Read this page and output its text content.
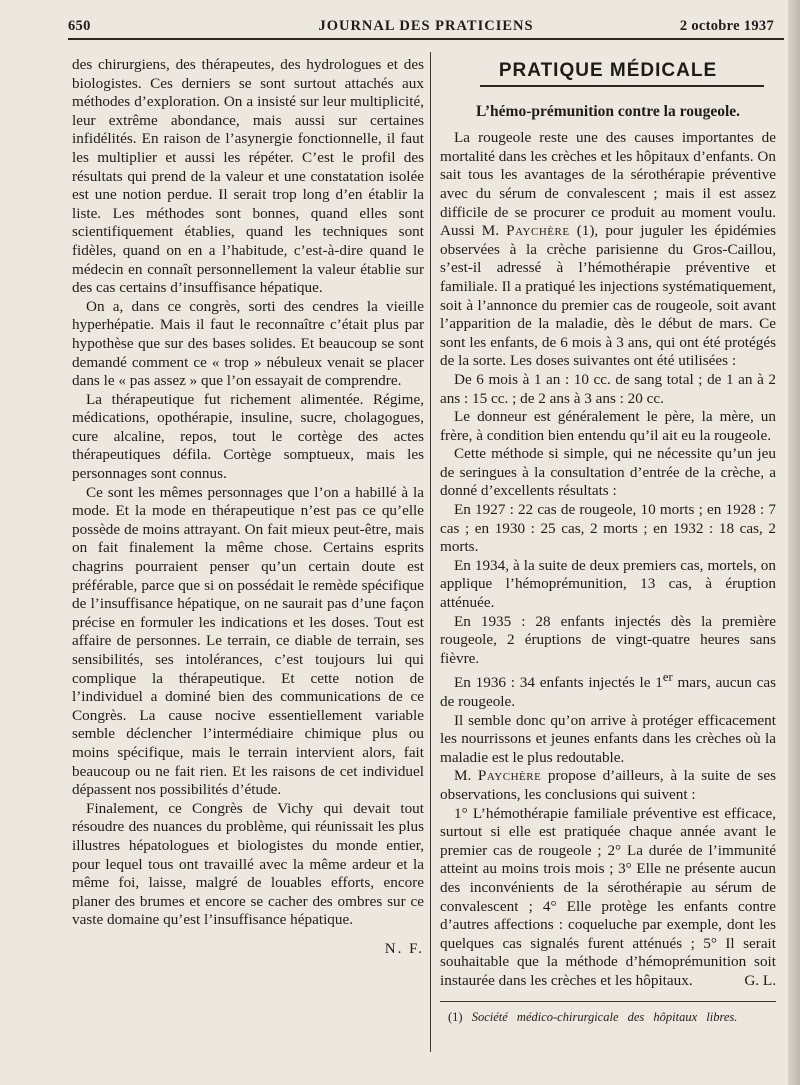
650	JOURNAL DES PRATICIENS	2 octobre 1937

des chirurgiens, des thérapeutes, des hydrologues et des biologistes. Ces derniers se sont surtout attachés aux méthodes d’exploration. On a insisté sur leur multiplicité, leur extrême abondance, mais aussi sur certaines infidélités. En raison de l’asynergie fonctionnelle, il faut les multiplier et aussi les répéter. C’est le profil des résultats qui prend de la valeur et une constatation isolée est une notion perdue. Il serait trop long d’en établir la liste. Les méthodes sont bonnes, quand elles sont scientifiquement établies, quand les techniques sont fidèles, quand on en a l’habitude, c’est-à-dire quand le médecin en connaît personnellement la valeur établie sur des cas certains d’insuffisance hépatique.

On a, dans ce congrès, sorti des cendres la vieille hyperhépatie. Mais il faut le reconnaître c’était plus par hypothèse que sur des bases solides. Et beaucoup se sont demandé comment ce « trop » nébuleux venait se placer dans le « pas assez » que l’on essayait de comprendre.

La thérapeutique fut richement alimentée. Régime, médications, opothérapie, insuline, sucre, cholagogues, cure alcaline, repos, tout le cortège des actes thérapeutiques défila. Cortège somptueux, mais les personnages sont connus.

Ce sont les mêmes personnages que l’on a habillé à la mode. Et la mode en thérapeutique n’est pas ce qu’elle possède de moins attrayant. On fait mieux peut-être, mais on fait finalement la même chose. Certains esprits chagrins pourraient penser qu’un certain doute est préférable, parce que si on possédait le remède spécifique de l’insuffisance hépatique, on ne saurait pas d’une façon précise en formuler les indications et les doses. Tout est affaire de personnes. Le terrain, ce diable de terrain, ses sensibilités, ses intolérances, c’est toujours lui qui complique la thérapeutique. Et cette notion de l’individuel a dominé bien des communications de ce Congrès. La cause nocive essentiellement variable semble déclencher l’intermédiaire chimique plus ou moins spécifique, mais le terrain intervient alors, fait beaucoup ou ne fait rien. Et les raisons de cet individuel dépassent nos possibilités d’étude.

Finalement, ce Congrès de Vichy qui devait tout résoudre des nuances du problème, qui réunissait les plus illustres hépatologues et biologistes du monde entier, pour lequel tous ont travaillé avec la même ardeur et la même foi, laisse, malgré de louables efforts, encore planer des brumes et encore se cacher des ombres sur ce vaste domaine qu’est l’insuffisance hépatique.

N. F.

PRATIQUE MÉDICALE
L’hémo-prémunition contre la rougeole.

La rougeole reste une des causes importantes de mortalité dans les crèches et les hôpitaux d’enfants. On sait tous les avantages de la sérothérapie préventive avec du sérum de convalescent ; mais il est assez difficile de se procurer ce produit au moment voulu. Aussi M. Paychère (1), pour juguler les épidémies observées à la crèche parisienne du Gros-Caillou, s’est-il adressé à l’hémothérapie préventive et familiale. Il a pratiqué les injections systématiquement, soit à l’annonce du premier cas de rougeole, soit avant l’apparition de la maladie, dès le début de mars. Ce sont les enfants, de 6 mois à 3 ans, qui ont été protégés de la sorte. Les doses suivantes ont été utilisées :

De 6 mois à 1 an : 10 cc. de sang total ; de 1 an à 2 ans : 15 cc. ; de 2 ans à 3 ans : 20 cc.

Le donneur est généralement le père, la mère, un frère, à condition bien entendu qu’il ait eu la rougeole.

Cette méthode si simple, qui ne nécessite qu’un jeu de seringues à la consultation d’entrée de la crèche, a donné d’excellents résultats :

En 1927 : 22 cas de rougeole, 10 morts ; en 1928 : 7 cas ; en 1930 : 25 cas, 2 morts ; en 1932 : 18 cas, 2 morts.

En 1934, à la suite de deux premiers cas, mortels, on applique l’hémoprémunition, 13 cas, à éruption atténuée.

En 1935 : 28 enfants injectés dès la première rougeole, 2 éruptions de vingt-quatre heures sans fièvre.

En 1936 : 34 enfants injectés le 1er mars, aucun cas de rougeole.

Il semble donc qu’on arrive à protéger efficacement les nourrissons et jeunes enfants dans les crèches où la maladie est le plus redoutable.

M. Paychère propose d’ailleurs, à la suite de ses observations, les conclusions qui suivent :

1° L’hémothérapie familiale préventive est efficace, surtout si elle est pratiquée chaque année avant le premier cas de rougeole ; 2° La durée de l’immunité atteint au moins trois mois ; 3° Elle ne présente aucun des inconvénients de la sérothérapie au sérum de convalescent ; 4° Elle protège les enfants contre d’autres affections : coqueluche par exemple, dont les quelques cas signalés furent atténués ; 5° Il serait souhaitable que la méthode d’hémoprémunition soit instaurée dans les crèches et les hôpitaux.	G. L.

(1) Société médico-chirurgicale des hôpitaux libres.
